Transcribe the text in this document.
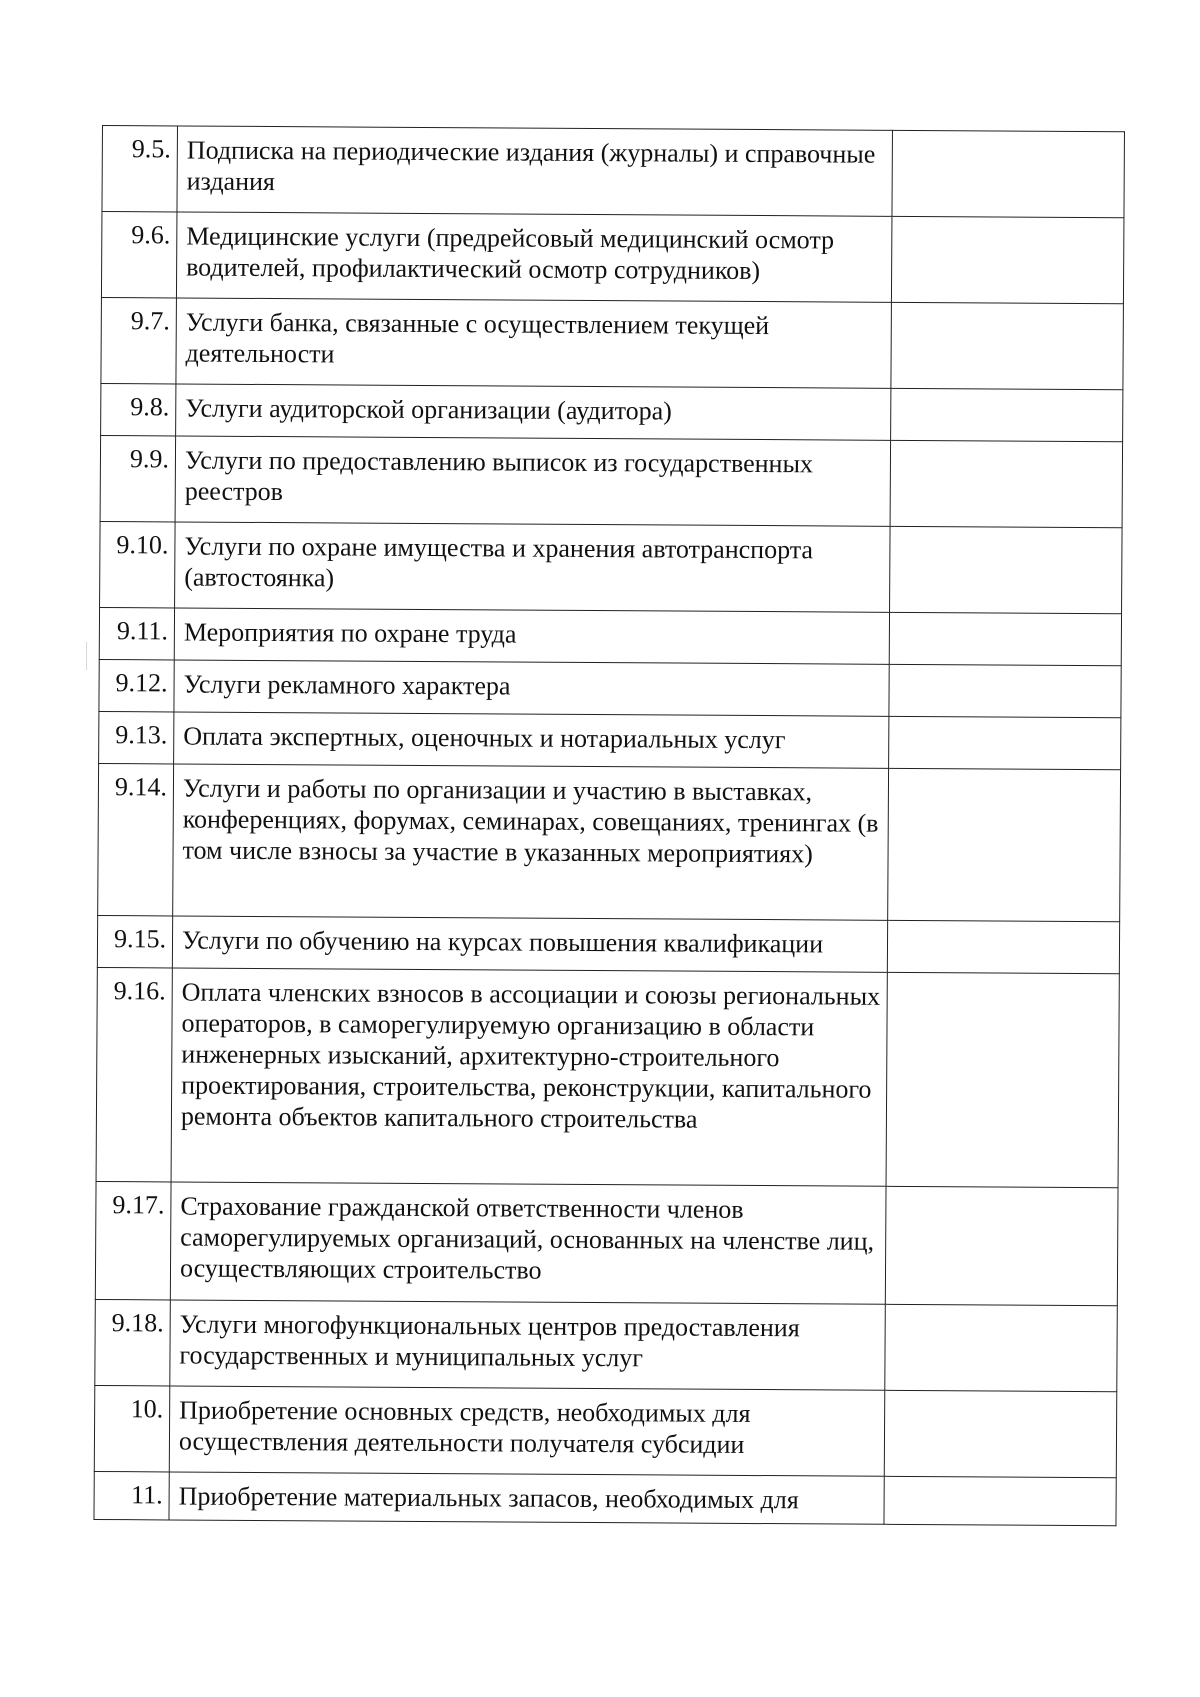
9.5.	Подписка на периодические издания (журналы) и справочные издания	
9.6.	Медицинские услуги (предрейсовый медицинский осмотр водителей, профилактический осмотр сотрудников)	
9.7.	Услуги банка, связанные с осуществлением текущей деятельности	
9.8.	Услуги аудиторской организации (аудитора)	
9.9.	Услуги по предоставлению выписок из государственных реестров	
9.10.	Услуги по охране имущества и хранения автотранспорта (автостоянка)	
9.11.	Мероприятия по охране труда	
9.12.	Услуги рекламного характера	
9.13.	Оплата экспертных, оценочных и нотариальных услуг	
9.14.	Услуги и работы по организации и участию в выставках, конференциях, форумах, семинарах, совещаниях, тренингах (в том числе взносы за участие в указанных мероприятиях)	
9.15.	Услуги по обучению на курсах повышения квалификации	
9.16.	Оплата членских взносов в ассоциации и союзы региональных операторов, в саморегулируемую организацию в области инженерных изысканий, архитектурно-строительного проектирования, строительства, реконструкции, капитального ремонта объектов капитального строительства	
9.17.	Страхование гражданской ответственности членов саморегулируемых организаций, основанных на членстве лиц, осуществляющих строительство	
9.18.	Услуги многофункциональных центров предоставления государственных и муниципальных услуг	
10.	Приобретение основных средств, необходимых для осуществления деятельности получателя субсидии	
11.	Приобретение материальных запасов, необходимых для	
